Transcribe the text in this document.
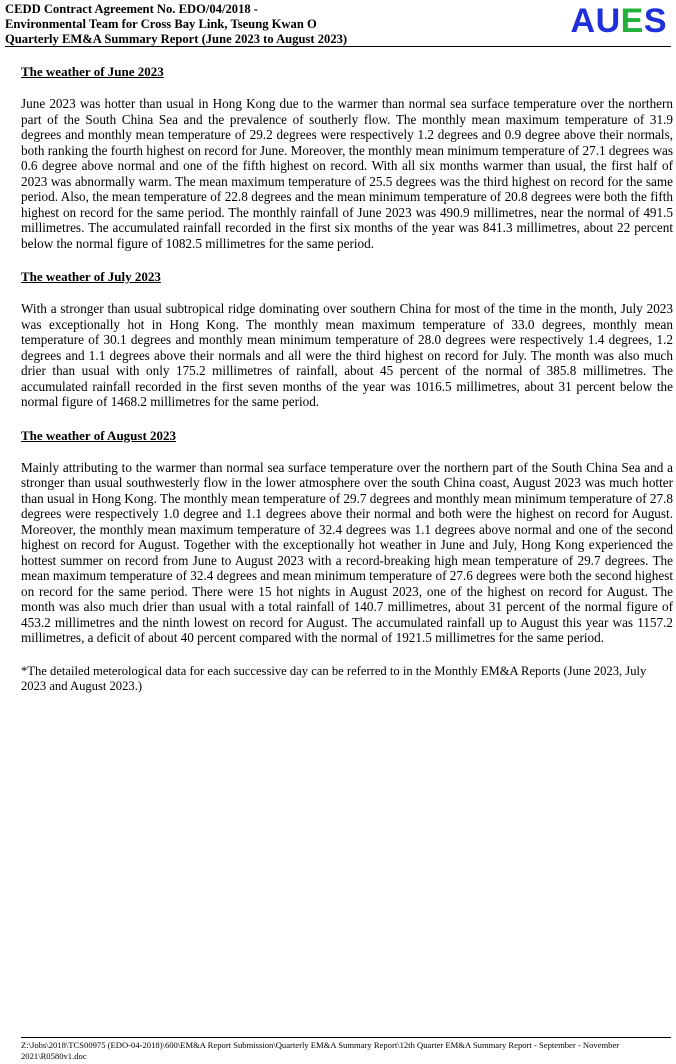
CEDD Contract Agreement No. EDO/04/2018 -
Environmental Team for Cross Bay Link, Tseung Kwan O
Quarterly EM&A Summary Report (June 2023 to August 2023)	AUES
The weather of June 2023

June 2023 was hotter than usual in Hong Kong due to the warmer than normal sea surface temperature over the northern part of the South China Sea and the prevalence of southerly flow. The monthly mean maximum temperature of 31.9 degrees and monthly mean temperature of 29.2 degrees were respectively 1.2 degrees and 0.9 degree above their normals, both ranking the fourth highest on record for June. Moreover, the monthly mean minimum temperature of 27.1 degrees was 0.6 degree above normal and one of the fifth highest on record. With all six months warmer than usual, the first half of 2023 was abnormally warm. The mean maximum temperature of 25.5 degrees was the third highest on record for the same period. Also, the mean temperature of 22.8 degrees and the mean minimum temperature of 20.8 degrees were both the fifth highest on record for the same period. The monthly rainfall of June 2023 was 490.9 millimetres, near the normal of 491.5 millimetres. The accumulated rainfall recorded in the first six months of the year was 841.3 millimetres, about 22 percent below the normal figure of 1082.5 millimetres for the same period.

The weather of July 2023

With a stronger than usual subtropical ridge dominating over southern China for most of the time in the month, July 2023 was exceptionally hot in Hong Kong. The monthly mean maximum temperature of 33.0 degrees, monthly mean temperature of 30.1 degrees and monthly mean minimum temperature of 28.0 degrees were respectively 1.4 degrees, 1.2 degrees and 1.1 degrees above their normals and all were the third highest on record for July. The month was also much drier than usual with only 175.2 millimetres of rainfall, about 45 percent of the normal of 385.8 millimetres. The accumulated rainfall recorded in the first seven months of the year was 1016.5 millimetres, about 31 percent below the normal figure of 1468.2 millimetres for the same period.

The weather of August 2023

Mainly attributing to the warmer than normal sea surface temperature over the northern part of the South China Sea and a stronger than usual southwesterly flow in the lower atmosphere over the south China coast, August 2023 was much hotter than usual in Hong Kong. The monthly mean temperature of 29.7 degrees and monthly mean minimum temperature of 27.8 degrees were respectively 1.0 degree and 1.1 degrees above their normal and both were the highest on record for August. Moreover, the monthly mean maximum temperature of 32.4 degrees was 1.1 degrees above normal and one of the second highest on record for August. Together with the exceptionally hot weather in June and July, Hong Kong experienced the hottest summer on record from June to August 2023 with a record-breaking high mean temperature of 29.7 degrees. The mean maximum temperature of 32.4 degrees and mean minimum temperature of 27.6 degrees were both the second highest on record for the same period. There were 15 hot nights in August 2023, one of the highest on record for August. The month was also much drier than usual with a total rainfall of 140.7 millimetres, about 31 percent of the normal figure of 453.2 millimetres and the ninth lowest on record for August. The accumulated rainfall up to August this year was 1157.2 millimetres, a deficit of about 40 percent compared with the normal of 1921.5 millimetres for the same period.

*The detailed meterological data for each successive day can be referred to in the Monthly EM&A Reports (June 2023, July 2023 and August 2023.)

Z:\Jobs\2018\TCS00975 (EDO-04-2018)\600\EM&A Report Submission\Quarterly EM&A Summary Report\12th Quarter EM&A Summary Report - September - November 2021\R0580v1.doc
